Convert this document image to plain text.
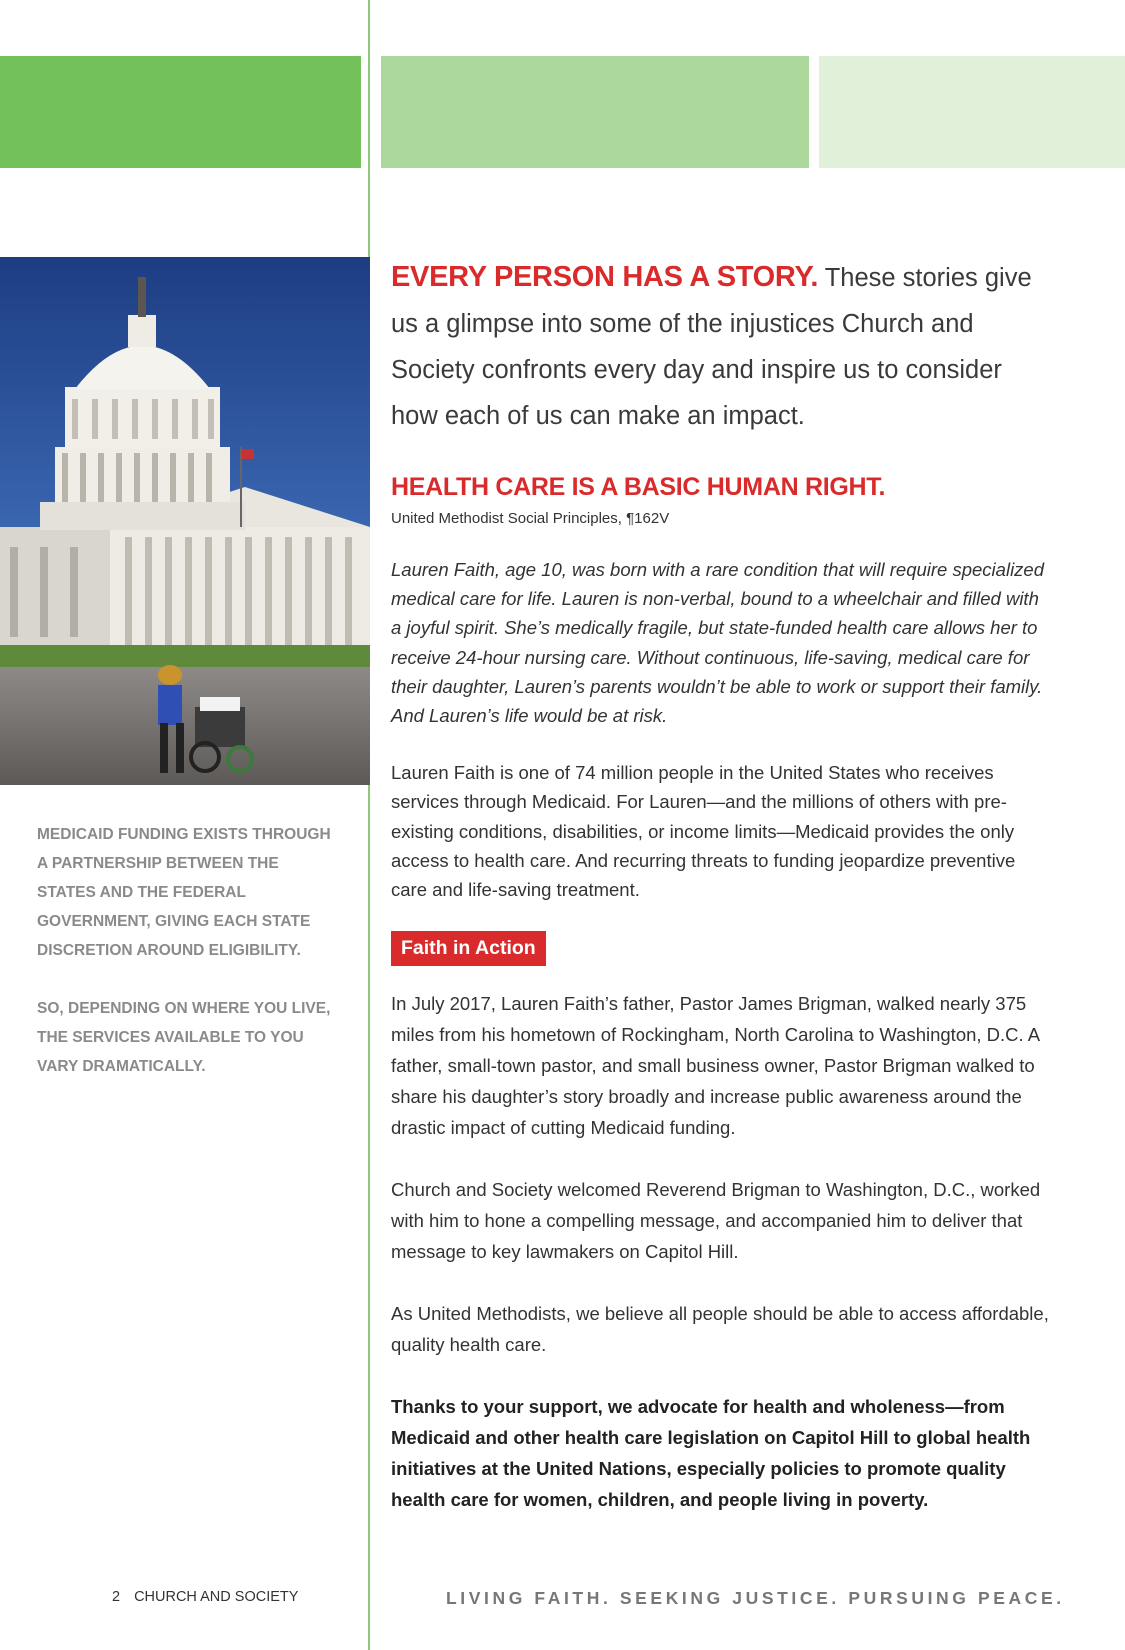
MEDICAID FUNDING EXISTS THROUGH A PARTNERSHIP BETWEEN THE STATES AND THE FEDERAL GOVERNMENT, GIVING EACH STATE DISCRETION AROUND ELIGIBILITY.

SO, DEPENDING ON WHERE YOU LIVE, THE SERVICES AVAILABLE TO YOU VARY DRAMATICALLY.

EVERY PERSON HAS A STORY. These stories give us a glimpse into some of the injustices Church and Society confronts every day and inspire us to consider how each of us can make an impact.

HEALTH CARE IS A BASIC HUMAN RIGHT.

United Methodist Social Principles, ¶162V

Lauren Faith, age 10, was born with a rare condition that will require specialized medical care for life. Lauren is non-verbal, bound to a wheelchair and filled with a joyful spirit. She’s medically fragile, but state-funded health care allows her to receive 24-hour nursing care. Without continuous, life-saving, medical care for their daughter, Lauren’s parents wouldn’t be able to work or support their family. And Lauren’s life would be at risk.

Lauren Faith is one of 74 million people in the United States who receives services through Medicaid. For Lauren—and the millions of others with pre-existing conditions, disabilities, or income limits—Medicaid provides the only access to health care. And recurring threats to funding jeopardize preventive care and life-saving treatment.

Faith in Action

In July 2017, Lauren Faith’s father, Pastor James Brigman, walked nearly 375 miles from his hometown of Rockingham, North Carolina to Washington, D.C. A father, small-town pastor, and small business owner, Pastor Brigman walked to share his daughter’s story broadly and increase public awareness around the drastic impact of cutting Medicaid funding.

Church and Society welcomed Reverend Brigman to Washington, D.C., worked with him to hone a compelling message, and accompanied him to deliver that message to key lawmakers on Capitol Hill.

As United Methodists, we believe all people should be able to access affordable, quality health care.

Thanks to your support, we advocate for health and wholeness—from Medicaid and other health care legislation on Capitol Hill to global health initiatives at the United Nations, especially policies to promote quality health care for women, children, and people living in poverty.

2 CHURCH AND SOCIETY	LIVING FAITH. SEEKING JUSTICE. PURSUING PEACE.
